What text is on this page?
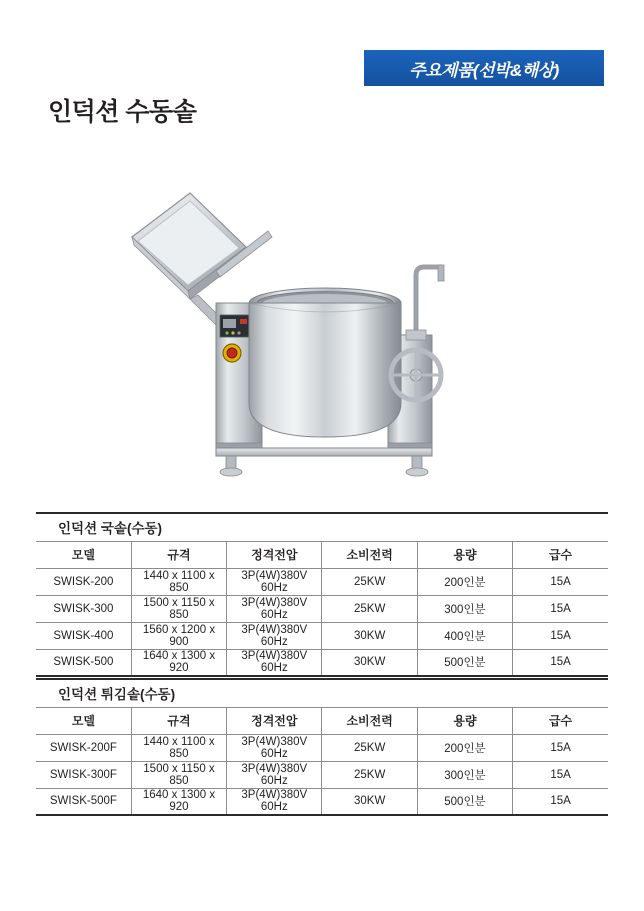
주요제품(선박&해상)
인덕션 수동솥
인덕션 국솥(수동)					
모델	규격	정격전압	소비전력	용량	급수
SWISK-200	1440 x 1100 x 850	3P(4W)380V 60Hz	25KW	200인분	15A
SWISK-300	1500 x 1150 x 850	3P(4W)380V 60Hz	25KW	300인분	15A
SWISK-400	1560 x 1200 x 900	3P(4W)380V 60Hz	30KW	400인분	15A
SWISK-500	1640 x 1300 x 920	3P(4W)380V 60Hz	30KW	500인분	15A
인덕션 튀김솥(수동)					
모델	규격	정격전압	소비전력	용량	급수
SWISK-200F	1440 x 1100 x 850	3P(4W)380V 60Hz	25KW	200인분	15A
SWISK-300F	1500 x 1150 x 850	3P(4W)380V 60Hz	25KW	300인분	15A
SWISK-500F	1640 x 1300 x 920	3P(4W)380V 60Hz	30KW	500인분	15A
